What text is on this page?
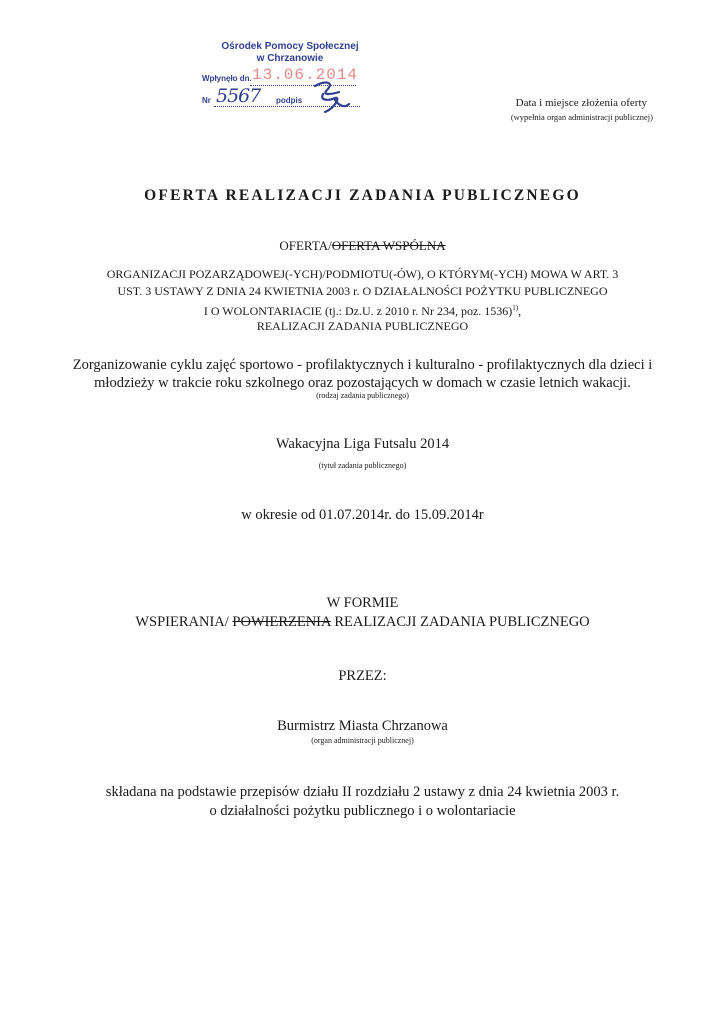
Ośrodek Pomocy Społecznej
w Chrzanowie
Wpłynęło dn. 13.06.2014
Nr 5567 podpis	Data i miejsce złożenia oferty
(wypełnia organ administracji publicznej)
OFERTA REALIZACJI ZADANIA PUBLICZNEGO
OFERTA/OFERTA WSPÓLNA
ORGANIZACJI POZARZĄDOWEJ(-YCH)/PODMIOTU(-ÓW), O KTÓRYM(-YCH) MOWA W ART. 3
UST. 3 USTAWY Z DNIA 24 KWIETNIA 2003 r. O DZIAŁALNOŚCI POŻYTKU PUBLICZNEGO
I O WOLONTARIACIE (tj.: Dz.U. z 2010 r. Nr 234, poz. 1536)$^{1)}$,
REALIZACJI ZADANIA PUBLICZNEGO
Zorganizowanie cyklu zajęć sportowo - profilaktycznych i kulturalno - profilaktycznych dla dzieci i
młodzieży w trakcie roku szkolnego oraz pozostających w domach w czasie letnich wakacji.
(rodzaj zadania publicznego)
Wakacyjna Liga Futsalu 2014
(tytuł zadania publicznego)
w okresie od 01.07.2014r. do 15.09.2014r
W FORMIE
WSPIERANIA/ POWIERZENIA REALIZACJI ZADANIA PUBLICZNEGO
PRZEZ:
Burmistrz Miasta Chrzanowa
(organ administracji publicznej)
składana na podstawie przepisów działu II rozdziału 2 ustawy z dnia 24 kwietnia 2003 r.
o działalności pożytku publicznego i o wolontariacie
